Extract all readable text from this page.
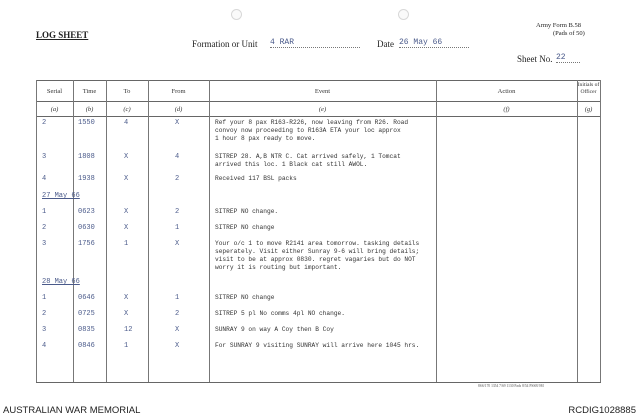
LOG SHEET
Army Form B.58
(Pads of 50)
Formation or Unit 4 RAR	Date 26 May 66
Sheet No. 22
Serial	Time	To	From	Event	Action
Initials of Officer
(a)	(b)	(c)	(d)	(e)	(f)	(g)
2	1550	4	X	Ref your 8 pax R163-R226, now leaving from R26. Road
convoy now proceeding to R163A ETA your loc approx
1 hour 8 pax ready to move.
3	1808	X	4	SITREP 28. A,B NTR C. Cat arrived safely, 1 Tomcat
arrived this loc. 1 Black cat still AWOL.
4	1938	X	2	Received 117 BSL packs
27 May 66
1	0623	X	2	SITREP NO change.
2	0630	X	1	SITREP NO change
3	1756	1	X	Your o/c 1 to move R2141 area tomorrow. tasking details
seperately. Visit either Sunray 9-6 will bring details;
visit to be at approx 0830. regret vagaries but do NOT
worry it is routing but important.
28 May 66
1	0646	X	1	SITREP NO change
2	0725	X	2	SITREP 5 pl No comms 4pl NO change.
3	0835	12	X	SUNRAY 9 on way A Coy then B Coy
4	0846	1	X	For SUNRAY 9 visiting SUNRAY will arrive here 1045 hrs.
8SS/170 1354 7/69 1130 Pads 8/54 PSSB 9M
AUSTRALIAN WAR MEMORIAL	RCDIG1028885
